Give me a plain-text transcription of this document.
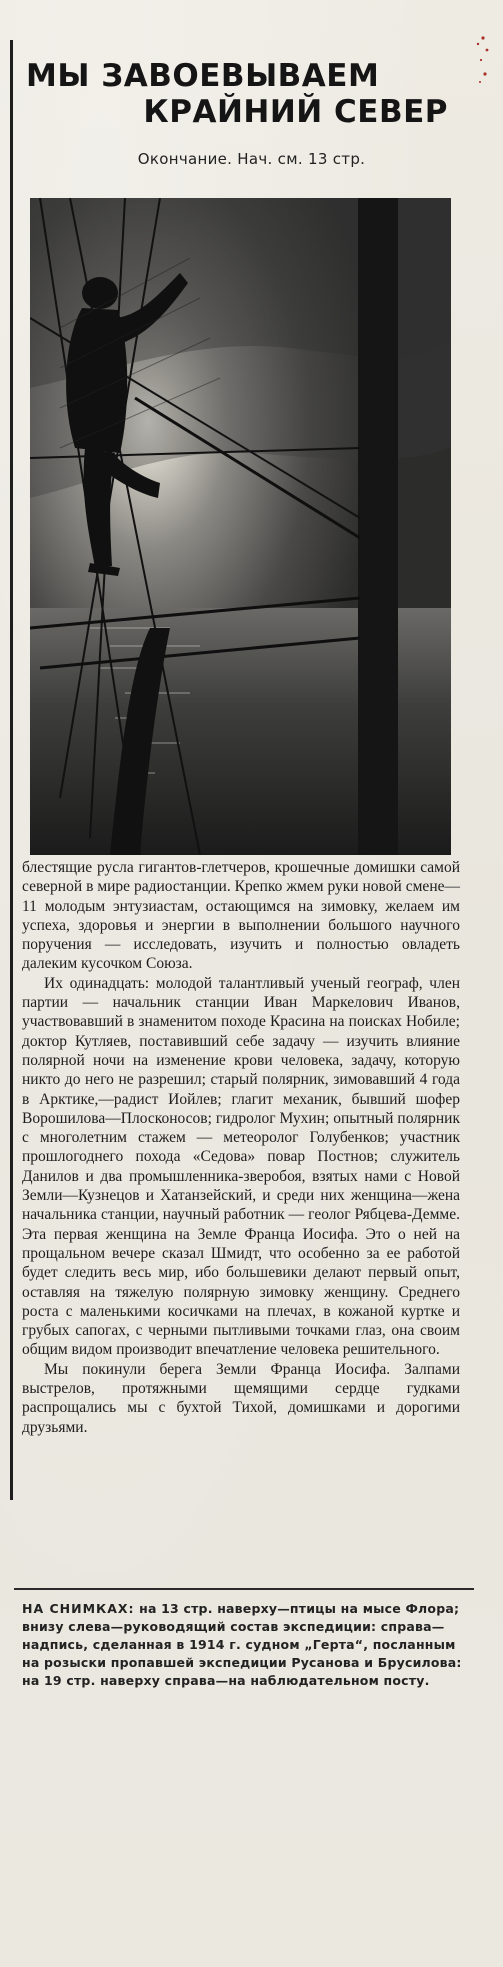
МЫ ЗАВОЕВЫВАЕМ
КРАЙНИЙ СЕВЕР
Окончание. Нач. см. 13 стр.

блестящие русла гигантов-глетчеров, крошечные домишки самой северной в мире радиостанции. Крепко жмем руки новой смене—11 молодым энтузиастам, остающимся на зимовку, желаем им успеха, здоровья и энергии в выполнении большого научного поручения — исследовать, изучить и полностью овладеть далеким кусочком Союза.

Их одинадцать: молодой талантливый ученый географ, член партии — начальник станции Иван Маркелович Иванов, участвовавший в знаменитом походе Красина на поисках Нобиле; доктор Кутляев, поставивший себе задачу — изучить влияние полярной ночи на изменение крови человека, задачу, которую никто до него не разрешил; старый полярник, зимовавший 4 года в Арктике,—радист Иойлев; глагит механик, бывший шофер Ворошилова—Плосконосов; гидролог Мухин; опытный полярник с многолетним стажем — метеоролог Голубенков; участник прошлогоднего похода «Седова» повар Постнов; служитель Данилов и два промышленника-зверобоя, взятых нами с Новой Земли—Кузнецов и Хатанзейский, и среди них женщина—жена начальника станции, научный работник — геолог Рябцева-Демме. Эта первая женщина на Земле Франца Иосифа. Это о ней на прощальном вечере сказал Шмидт, что особенно за ее работой будет следить весь мир, ибо большевики делают первый опыт, оставляя на тяжелую полярную зимовку женщину. Среднего роста с маленькими косичками на плечах, в кожаной куртке и грубых сапогах, с черными пытливыми точками глаз, она своим общим видом производит впечатление человека решительного.

Мы покинули берега Земли Франца Иосифа. Залпами выстрелов, протяжными щемящими сердце гудками распрощались мы с бухтой Тихой, домишками и дорогими друзьями.

НА СНИМКАХ: на 13 стр. наверху—птицы на мысе Флора; внизу слева—руководящий состав экспедиции: справа—надпись, сделанная в 1914 г. судном „Герта“, посланным на розыски пропавшей экспедиции Русанова и Брусилова: на 19 стр. наверху справа—на наблюдательном посту.
